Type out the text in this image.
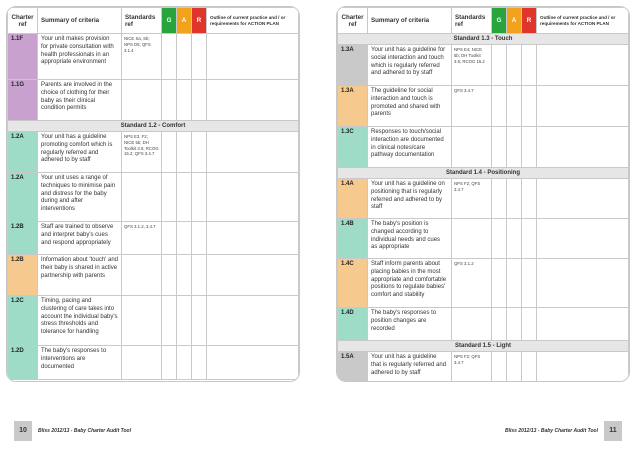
Charter ref	Summary of criteria	Standards ref	G	A	R	Outline of current practice and / or requirements for ACTION PLAN
1.1F	Your unit makes provision for private consultation with health professionals in an appropriate environment	NICE Sa, Sb; NPS D5; QFS 3.1.4				
1.1G	Parents are involved in the choice of clothing for their baby as their clinical condition permits					
Standard 1.2 - Comfort						
1.2A	Your unit has a guideline promoting comfort which is regularly referred and adhered to by staff	NPS E3, F2; NICE 5b; DH Toolkit 3.5; RCOG 15.2; QFS 3.4.7				
1.2A	Your unit uses a range of techniques to minimise pain and distress for the baby during and after interventions					
1.2B	Staff are trained to observe and interpret baby's cues and respond appropriately	QFS 3.1.2, 3.4.7				
1.2B	Information about 'touch' and their baby is shared in active partnership with parents					
1.2C	Timing, pacing and clustering of care takes into account the individual baby's stress thresholds and tolerance for handling					
1.2D	The baby's responses to interventions are documented					
Charter ref	Summary of criteria	Standards ref	G	A	R	Outline of current practice and / or requirements for ACTION PLAN
Standard 1.3 - Touch						
1.3A	Your unit has a guideline for social interaction and touch which is regularly referred and adhered to by staff	NPS E4; NICE 5b; DH Toolkit 3.5; RCOG 15.2				
1.3A	The guideline for social interaction and touch is promoted and shared with parents	QFS 3.4.7				
1.3C	Responses to touch/social interaction are documented in clinical notes/care pathway documentation					
Standard 1.4 - Positioning						
1.4A	Your unit has a guideline on positioning that is regularly referred and adhered to by staff	NPS F2; QFS 3.4.7				
1.4B	The baby's position is changed according to individual needs and cues as appropriate					
1.4C	Staff inform parents about placing babies in the most appropriate and comfortable positions to regulate babies' comfort and stability	QFS 3.1.2				
1.4D	The baby's responses to position changes are recorded					
Standard 1.5 - Light						
1.5A	Your unit has a guideline that is regularly referred and adhered to by staff	NPS F2; QFS 3.4.7				
10	Bliss 2012/13 - Baby Charter Audit Tool	Bliss 2012/13 - Baby Charter Audit Tool	11
